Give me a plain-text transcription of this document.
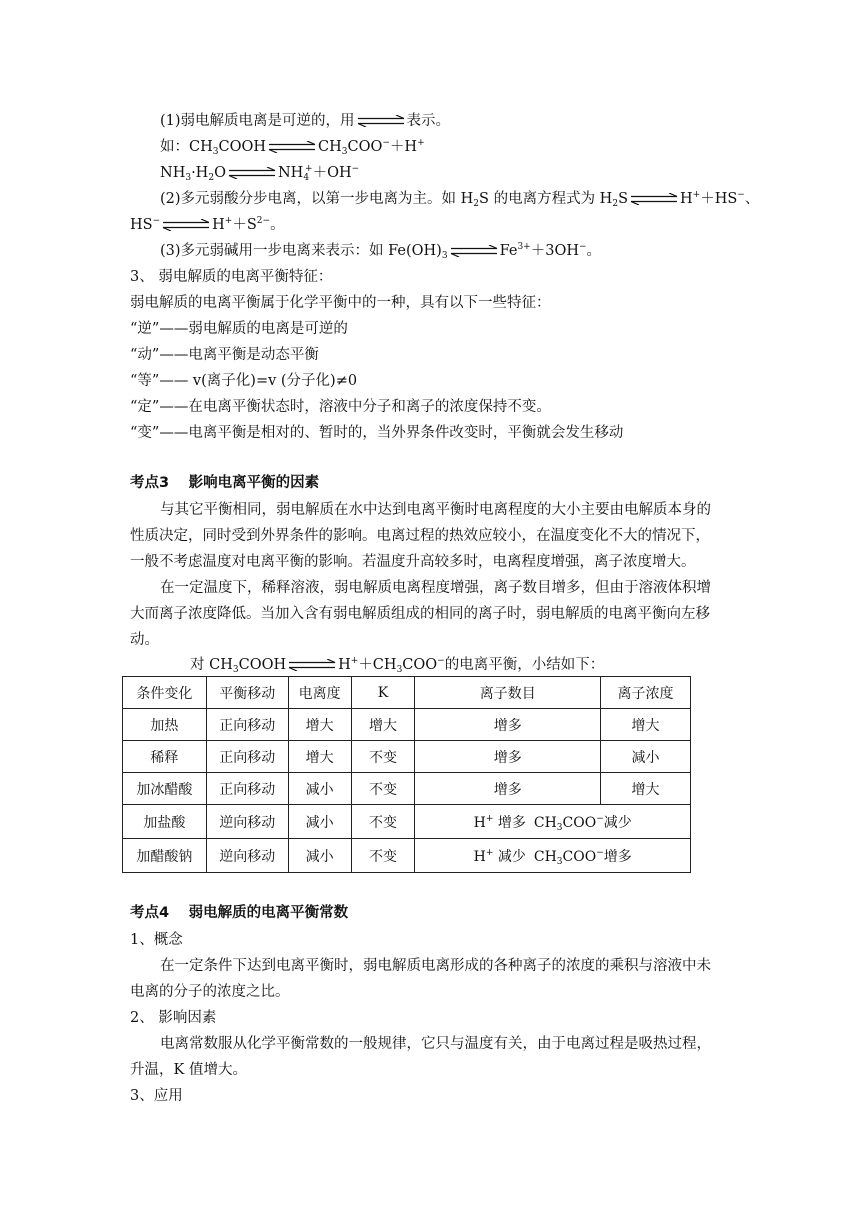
(1)弱电解质电离是可逆的，用⇌表示。
如：$CH_3COOH\rightleftharpoons CH_3COO^-+H^+$
$NH_3\cdot H_2O\rightleftharpoons NH_4^++OH^-$
(2)多元弱酸分步电离，以第一步电离为主。如 $H_2S$ 的电离方程式为 $H_2S\rightleftharpoons H^++HS^-$、
$HS^-\rightleftharpoons H^++S^{2-}$。
(3)多元弱碱用一步电离来表示：如 $Fe(OH)_3\rightleftharpoons Fe^{3+}+3OH^-$。
3、 弱电解质的电离平衡特征：
弱电解质的电离平衡属于化学平衡中的一种，具有以下一些特征：
“逆”——弱电解质的电离是可逆的
“动”——电离平衡是动态平衡
“等”—— v(离子化)=v (分子化)≠0
“定”——在电离平衡状态时，溶液中分子和离子的浓度保持不变。
“变”——电离平衡是相对的、暂时的，当外界条件改变时，平衡就会发生移动
考点3　 影响电离平衡的因素
与其它平衡相同，弱电解质在水中达到电离平衡时电离程度的大小主要由电解质本身的
性质决定，同时受到外界条件的影响。电离过程的热效应较小，在温度变化不大的情况下，
一般不考虑温度对电离平衡的影响。若温度升高较多时，电离程度增强，离子浓度增大。
在一定温度下，稀释溶液，弱电解质电离程度增强，离子数目增多，但由于溶液体积增
大而离子浓度降低。当加入含有弱电解质组成的相同的离子时，弱电解质的电离平衡向左移
动。
对 $CH_3COOH\rightleftharpoons H^++CH_3COO^-$的电离平衡，小结如下：
条件变化	平衡移动	电离度	K	离子数目	离子浓度
加热	正向移动	增大	增大	增多	增大
稀释	正向移动	增大	不变	增多	减小
加冰醋酸	正向移动	减小	不变	增多	增大
加盐酸	逆向移动	减小	不变	H+ 增多 $CH_3COO^-$减少	
加醋酸钠	逆向移动	减小	不变	H+ 减少 $CH_3COO^-$增多	
考点4　 弱电解质的电离平衡常数
1、概念
在一定条件下达到电离平衡时，弱电解质电离形成的各种离子的浓度的乘积与溶液中未
电离的分子的浓度之比。
2、 影响因素
电离常数服从化学平衡常数的一般规律，它只与温度有关，由于电离过程是吸热过程，
升温，K 值增大。
3、应用
